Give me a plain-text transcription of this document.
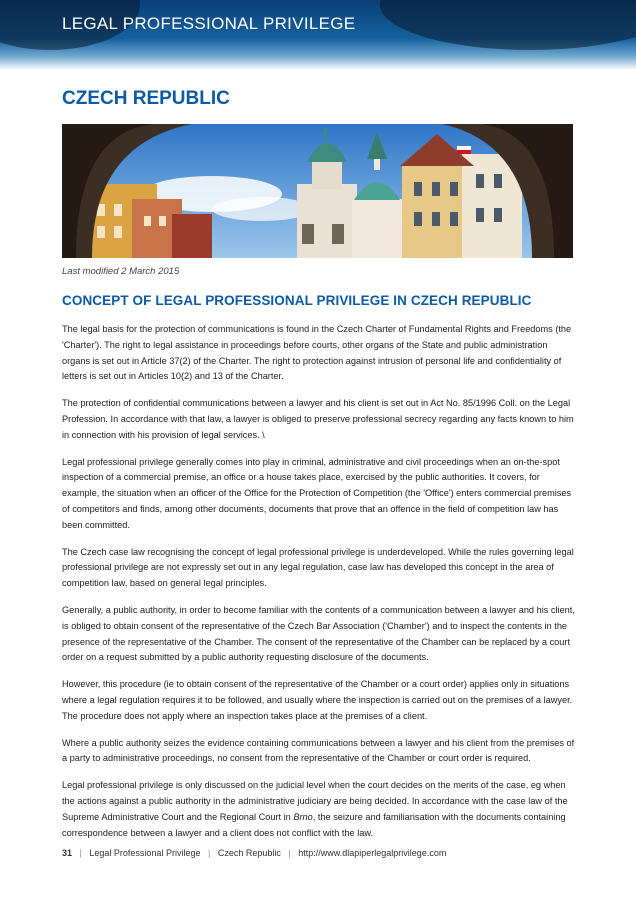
LEGAL PROFESSIONAL PRIVILEGE
CZECH REPUBLIC
Last modified 2 March 2015
CONCEPT OF LEGAL PROFESSIONAL PRIVILEGE IN CZECH REPUBLIC

The legal basis for the protection of communications is found in the Czech Charter of Fundamental Rights and Freedoms (the 'Charter'). The right to legal assistance in proceedings before courts, other organs of the State and public administration organs is set out in Article 37(2) of the Charter. The right to protection against intrusion of personal life and confidentiality of letters is set out in Articles 10(2) and 13 of the Charter.

The protection of confidential communications between a lawyer and his client is set out in Act No. 85/1996 Coll. on the Legal Profession. In accordance with that law, a lawyer is obliged to preserve professional secrecy regarding any facts known to him in connection with his provision of legal services. \

Legal professional privilege generally comes into play in criminal, administrative and civil proceedings when an on-the-spot inspection of a commercial premise, an office or a house takes place, exercised by the public authorities. It covers, for example, the situation when an officer of the Office for the Protection of Competition (the 'Office') enters commercial premises of competitors and finds, among other documents, documents that prove that an offence in the field of competition law has been committed.

The Czech case law recognising the concept of legal professional privilege is underdeveloped. While the rules governing legal professional privilege are not expressly set out in any legal regulation, case law has developed this concept in the area of competition law, based on general legal principles.

Generally, a public authority, in order to become familiar with the contents of a communication between a lawyer and his client, is obliged to obtain consent of the representative of the Czech Bar Association ('Chamber') and to inspect the contents in the presence of the representative of the Chamber. The consent of the representative of the Chamber can be replaced by a court order on a request submitted by a public authority requesting disclosure of the documents.

However, this procedure (ie to obtain consent of the representative of the Chamber or a court order) applies only in situations where a legal regulation requires it to be followed, and usually where the inspection is carried out on the premises of a lawyer. The procedure does not apply where an inspection takes place at the premises of a client.

Where a public authority seizes the evidence containing communications between a lawyer and his client from the premises of a party to administrative proceedings, no consent from the representative of the Chamber or court order is required.

Legal professional privilege is only discussed on the judicial level when the court decides on the merits of the case, eg when the actions against a public authority in the administrative judiciary are being decided. In accordance with the case law of the Supreme Administrative Court and the Regional Court in Brno, the seizure and familiarisation with the documents containing correspondence between a lawyer and a client does not conflict with the law.

31 | Legal Professional Privilege | Czech Republic | http://www.dlapiperlegalprivilege.com
